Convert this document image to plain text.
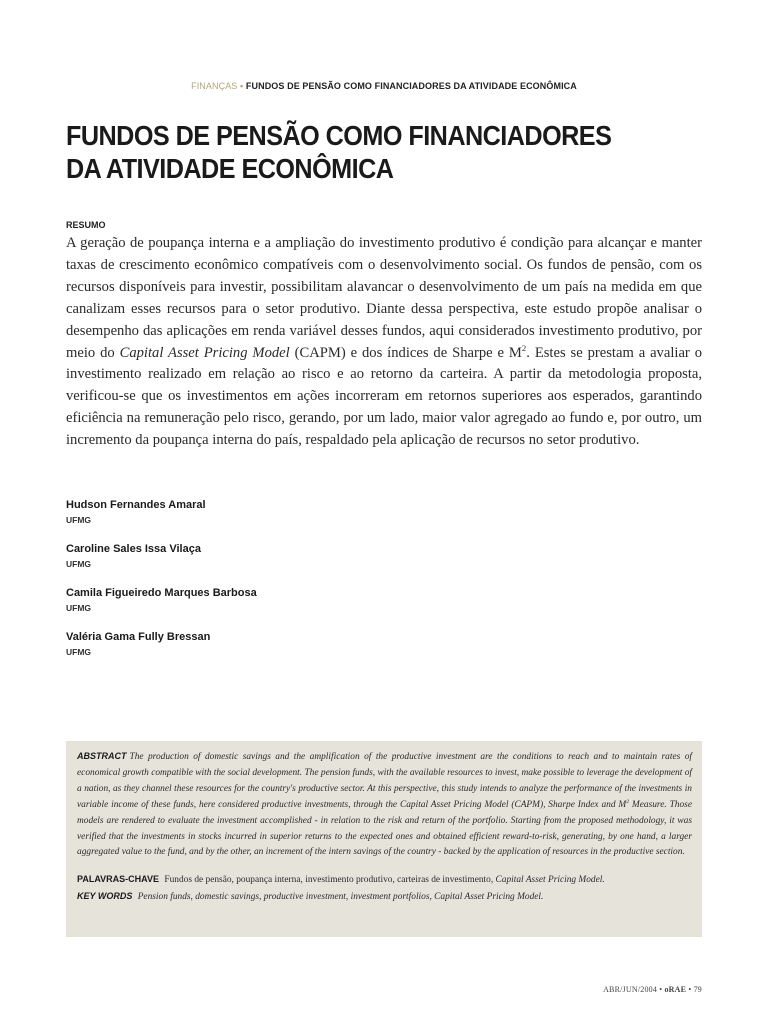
FINANÇAS • FUNDOS DE PENSÃO COMO FINANCIADORES DA ATIVIDADE ECONÔMICA
FUNDOS DE PENSÃO COMO FINANCIADORES
DA ATIVIDADE ECONÔMICA
RESUMO

A geração de poupança interna e a ampliação do investimento produtivo é condição para alcançar e manter taxas de crescimento econômico compatíveis com o desenvolvimento social. Os fundos de pensão, com os recursos disponíveis para investir, possibilitam alavancar o desenvolvimento de um país na medida em que canalizam esses recursos para o setor produtivo. Diante dessa perspectiva, este estudo propõe analisar o desempenho das aplicações em renda variável desses fundos, aqui considerados investimento produtivo, por meio do Capital Asset Pricing Model (CAPM) e dos índices de Sharpe e $M^2$. Estes se prestam a avaliar o investimento realizado em relação ao risco e ao retorno da carteira. A partir da metodologia proposta, verificou-se que os investimentos em ações incorreram em retornos superiores aos esperados, garantindo eficiência na remuneração pelo risco, gerando, por um lado, maior valor agregado ao fundo e, por outro, um incremento da poupança interna do país, respaldado pela aplicação de recursos no setor produtivo.

Hudson Fernandes Amaral
UFMG
Caroline Sales Issa Vilaça
UFMG
Camila Figueiredo Marques Barbosa
UFMG
Valéria Gama Fully Bressan
UFMG

ABSTRACT The production of domestic savings and the amplification of the productive investment are the conditions to reach and to maintain rates of economical growth compatible with the social development. The pension funds, with the available resources to invest, make possible to leverage the development of a nation, as they channel these resources for the country's productive sector. At this perspective, this study intends to analyze the performance of the investments in variable income of these funds, here considered productive investments, through the Capital Asset Pricing Model (CAPM), Sharpe Index and $M^2$ Measure. Those models are rendered to evaluate the investment accomplished - in relation to the risk and return of the portfolio. Starting from the proposed methodology, it was verified that the investments in stocks incurred in superior returns to the expected ones and obtained efficient reward-to-risk, generating, by one hand, a larger aggregated value to the fund, and by the other, an increment of the intern savings of the country - backed by the application of resources in the productive section.

PALAVRAS-CHAVE Fundos de pensão, poupança interna, investimento produtivo, carteiras de investimento, Capital Asset Pricing Model.

KEY WORDS Pension funds, domestic savings, productive investment, investment portfolios, Capital Asset Pricing Model.

ABR/JUN/2004 • oRAE • 79
